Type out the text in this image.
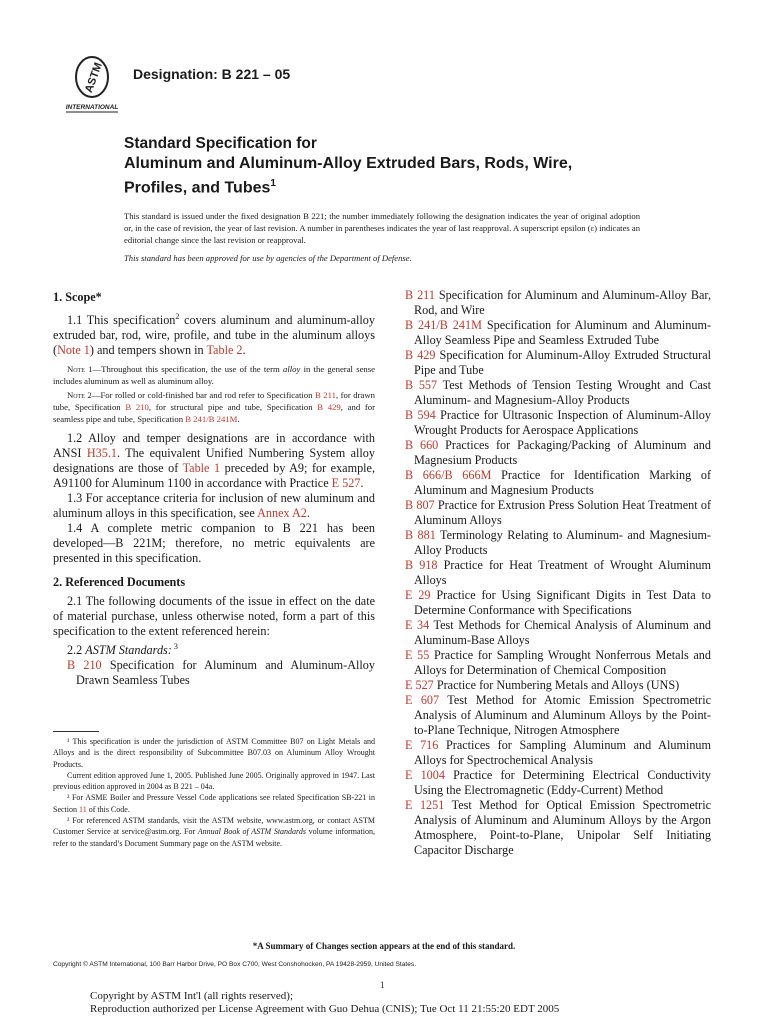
ASTM
INTERNATIONAL
Designation: B 221 – 05
Standard Specification for
Aluminum and Aluminum-Alloy Extruded Bars, Rods, Wire,
Profiles, and Tubes$^1$
This standard is issued under the fixed designation B 221; the number immediately following the designation indicates the year of original adoption or, in the case of revision, the year of last revision. A number in parentheses indicates the year of last reapproval. A superscript epsilon (ε) indicates an editorial change since the last revision or reapproval.
This standard has been approved for use by agencies of the Department of Defense.
1. Scope*

1.1 This specification$^2$ covers aluminum and aluminum-alloy extruded bar, rod, wire, profile, and tube in the aluminum alloys (Note 1) and tempers shown in Table 2.

Note 1—Throughout this specification, the use of the term alloy in the general sense includes aluminum as well as aluminum alloy.

Note 2—For rolled or cold-finished bar and rod refer to Specification B 211, for drawn tube, Specification B 210, for structural pipe and tube, Specification B 429, and for seamless pipe and tube, Specification B 241/B 241M.

1.2 Alloy and temper designations are in accordance with ANSI H35.1. The equivalent Unified Numbering System alloy designations are those of Table 1 preceded by A9; for example, A91100 for Aluminum 1100 in accordance with Practice E 527.

1.3 For acceptance criteria for inclusion of new aluminum and aluminum alloys in this specification, see Annex A2.

1.4 A complete metric companion to B 221 has been developed—B 221M; therefore, no metric equivalents are presented in this specification.

2. Referenced Documents

2.1 The following documents of the issue in effect on the date of material purchase, unless otherwise noted, form a part of this specification to the extent referenced herein:

2.2 ASTM Standards: $^3$

B 210 Specification for Aluminum and Aluminum-Alloy Drawn Seamless Tubes

¹ This specification is under the jurisdiction of ASTM Committee B07 on Light Metals and Alloys and is the direct responsibility of Subcommittee B07.03 on Aluminum Alloy Wrought Products.

Current edition approved June 1, 2005. Published June 2005. Originally approved in 1947. Last previous edition approved in 2004 as B 221 – 04a.

² For ASME Boiler and Pressure Vessel Code applications see related Specification SB-221 in Section 11 of this Code.

³ For referenced ASTM standards, visit the ASTM website, www.astm.org, or contact ASTM Customer Service at service@astm.org. For Annual Book of ASTM Standards volume information, refer to the standard’s Document Summary page on the ASTM website.

B 211 Specification for Aluminum and Aluminum-Alloy Bar, Rod, and Wire

B 241/B 241M Specification for Aluminum and Aluminum-Alloy Seamless Pipe and Seamless Extruded Tube

B 429 Specification for Aluminum-Alloy Extruded Structural Pipe and Tube

B 557 Test Methods of Tension Testing Wrought and Cast Aluminum- and Magnesium-Alloy Products

B 594 Practice for Ultrasonic Inspection of Aluminum-Alloy Wrought Products for Aerospace Applications

B 660 Practices for Packaging/Packing of Aluminum and Magnesium Products

B 666/B 666M Practice for Identification Marking of Aluminum and Magnesium Products

B 807 Practice for Extrusion Press Solution Heat Treatment of Aluminum Alloys

B 881 Terminology Relating to Aluminum- and Magnesium-Alloy Products

B 918 Practice for Heat Treatment of Wrought Aluminum Alloys

E 29 Practice for Using Significant Digits in Test Data to Determine Conformance with Specifications

E 34 Test Methods for Chemical Analysis of Aluminum and Aluminum-Base Alloys

E 55 Practice for Sampling Wrought Nonferrous Metals and Alloys for Determination of Chemical Composition

E 527 Practice for Numbering Metals and Alloys (UNS)

E 607 Test Method for Atomic Emission Spectrometric Analysis of Aluminum and Aluminum Alloys by the Point-to-Plane Technique, Nitrogen Atmosphere

E 716 Practices for Sampling Aluminum and Aluminum Alloys for Spectrochemical Analysis

E 1004 Practice for Determining Electrical Conductivity Using the Electromagnetic (Eddy-Current) Method

E 1251 Test Method for Optical Emission Spectrometric Analysis of Aluminum and Aluminum Alloys by the Argon Atmosphere, Point-to-Plane, Unipolar Self Initiating Capacitor Discharge

*A Summary of Changes section appears at the end of this standard.
Copyright © ASTM International, 100 Barr Harbor Drive, PO Box C700, West Conshohocken, PA 19428-2959, United States.
1
Copyright by ASTM Int'l (all rights reserved);
Reproduction authorized per License Agreement with Guo Dehua (CNIS); Tue Oct 11 21:55:20 EDT 2005
